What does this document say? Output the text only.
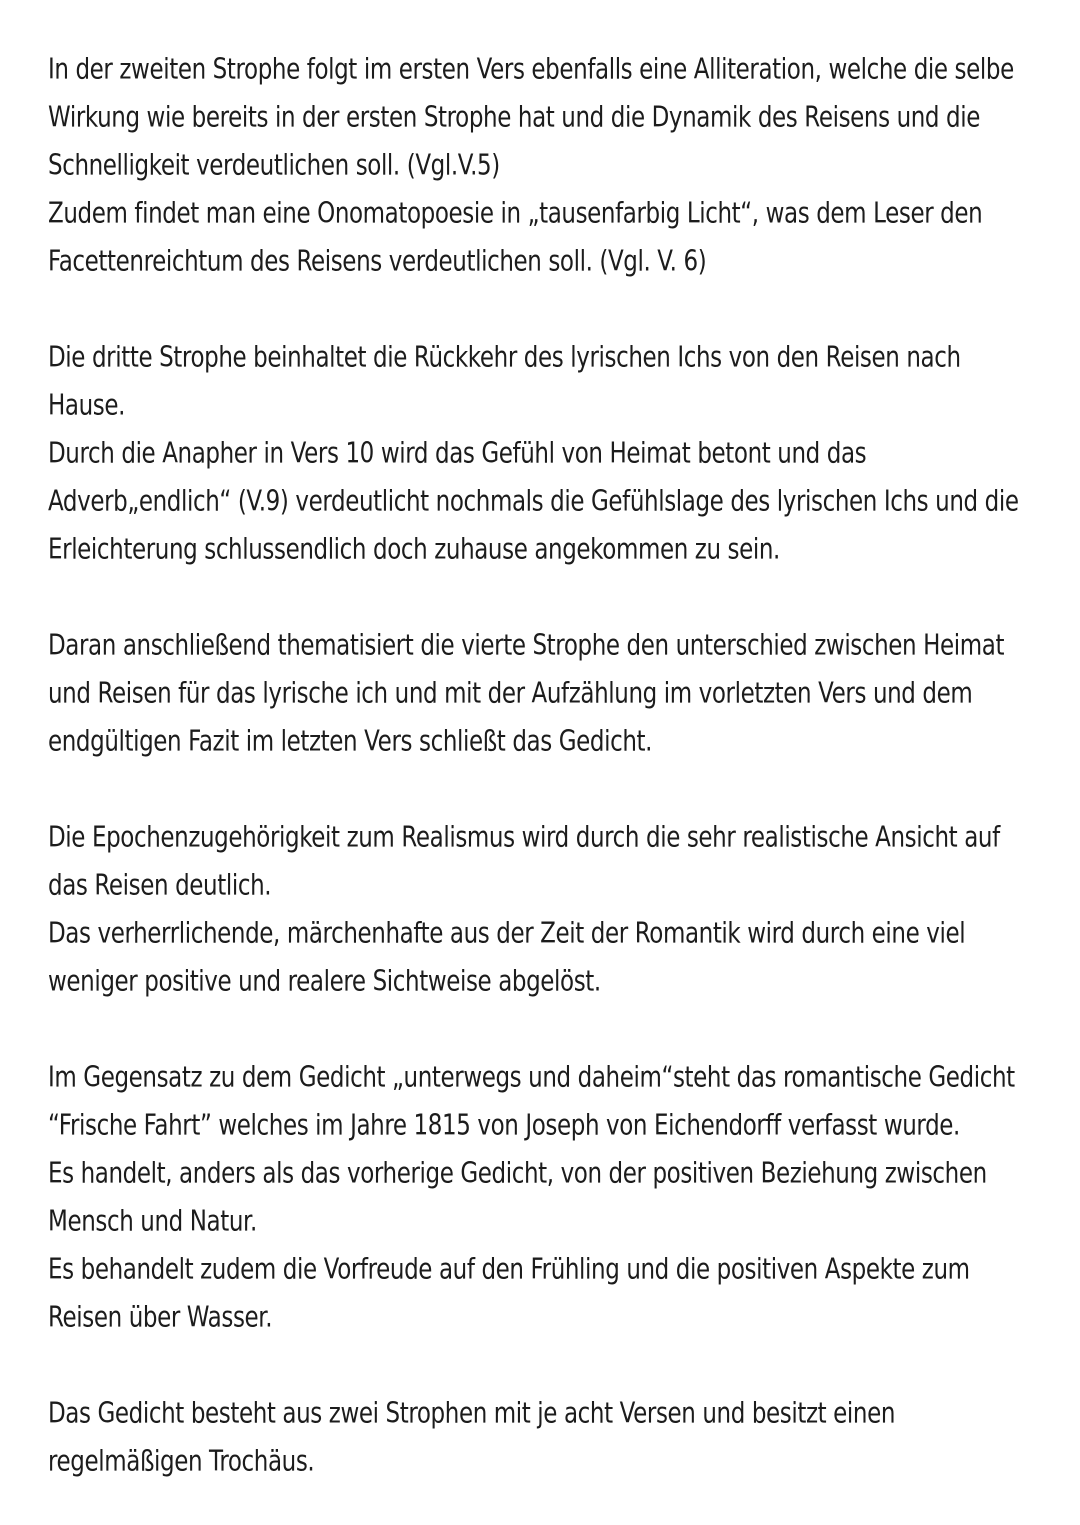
In der zweiten Strophe folgt im ersten Vers ebenfalls eine Alliteration, welche die selbe
Wirkung wie bereits in der ersten Strophe hat und die Dynamik des Reisens und die
Schnelligkeit verdeutlichen soll. (Vgl.V.5)
Zudem findet man eine Onomatopoesie in „tausenfarbig Licht“, was dem Leser den
Facettenreichtum des Reisens verdeutlichen soll. (Vgl. V. 6)
Die dritte Strophe beinhaltet die Rückkehr des lyrischen Ichs von den Reisen nach
Hause.
Durch die Anapher in Vers 10 wird das Gefühl von Heimat betont und das
Adverb„endlich“ (V.9) verdeutlicht nochmals die Gefühlslage des lyrischen Ichs und die
Erleichterung schlussendlich doch zuhause angekommen zu sein.
Daran anschließend thematisiert die vierte Strophe den unterschied zwischen Heimat
und Reisen für das lyrische ich und mit der Aufzählung im vorletzten Vers und dem
endgültigen Fazit im letzten Vers schließt das Gedicht.
Die Epochenzugehörigkeit zum Realismus wird durch die sehr realistische Ansicht auf
das Reisen deutlich.
Das verherrlichende, märchenhafte aus der Zeit der Romantik wird durch eine viel
weniger positive und realere Sichtweise abgelöst.
Im Gegensatz zu dem Gedicht „unterwegs und daheim“steht das romantische Gedicht
“Frische Fahrt” welches im Jahre 1815 von Joseph von Eichendorff verfasst wurde.
Es handelt, anders als das vorherige Gedicht, von der positiven Beziehung zwischen
Mensch und Natur.
Es behandelt zudem die Vorfreude auf den Frühling und die positiven Aspekte zum
Reisen über Wasser.
Das Gedicht besteht aus zwei Strophen mit je acht Versen und besitzt einen
regelmäßigen Trochäus.
